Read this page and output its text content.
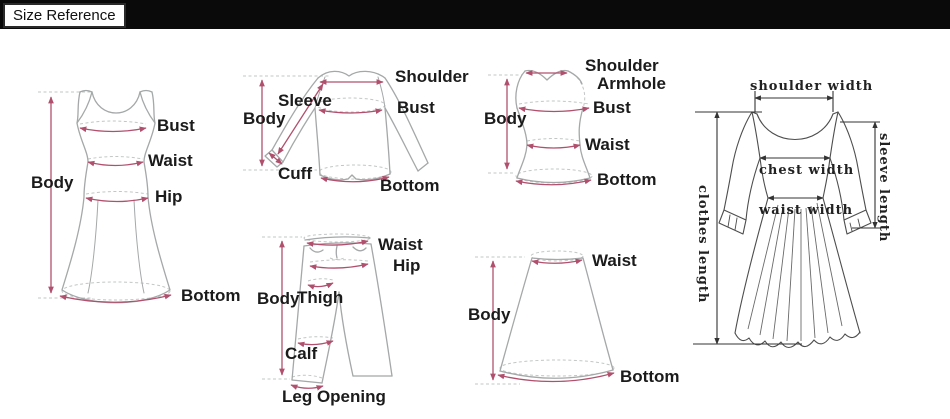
Size Reference
Bust
Waist
Hip
Body
Bottom
Shoulder
Sleeve
Body
Bust
Cuff
Bottom
Shoulder
Armhole
Body
Bust
Waist
Bottom
Waist
Hip
Body
Thigh
Calf
Leg Opening
Waist
Body
Bottom
shoulder width
chest width
waist width
clothes length	sleeve length
